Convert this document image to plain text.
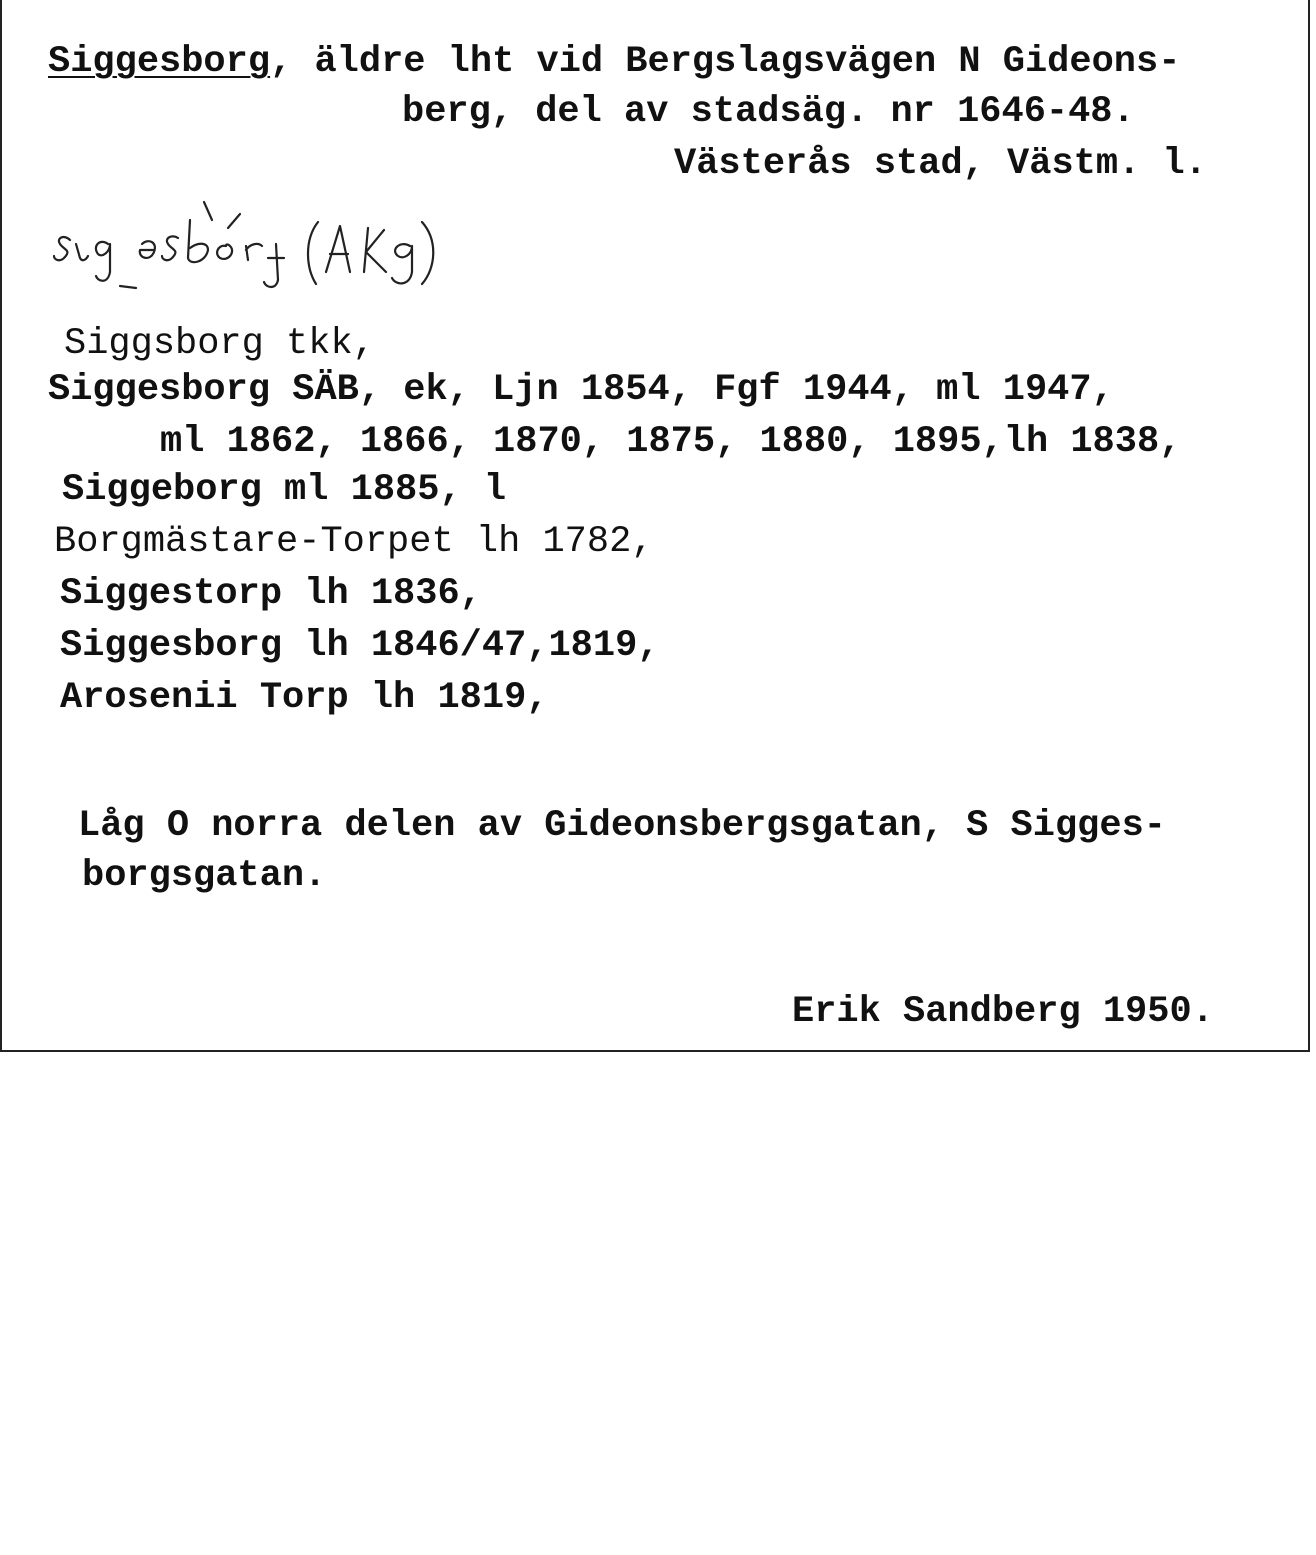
Siggesborg, äldre lht vid Bergslagsvägen N Gideons-
berg, del av stadsäg. nr 1646-48.
Västerås stad, Västm. l.
sigəsbórj (AKg)
Siggsborg tkk,
Siggesborg SÄB, ek, Ljn 1854, Fgf 1944, ml 1947,
ml 1862, 1866, 1870, 1875, 1880, 1895,lh 1838,
Siggeborg ml 1885, l
Borgmästare-Torpet lh 1782,
Siggestorp lh 1836,
Siggesborg lh 1846/47,1819,
Arosenii Torp lh 1819,
Låg O norra delen av Gideonsbergsgatan, S Sigges-
borgsgatan.
Erik Sandberg 1950.
